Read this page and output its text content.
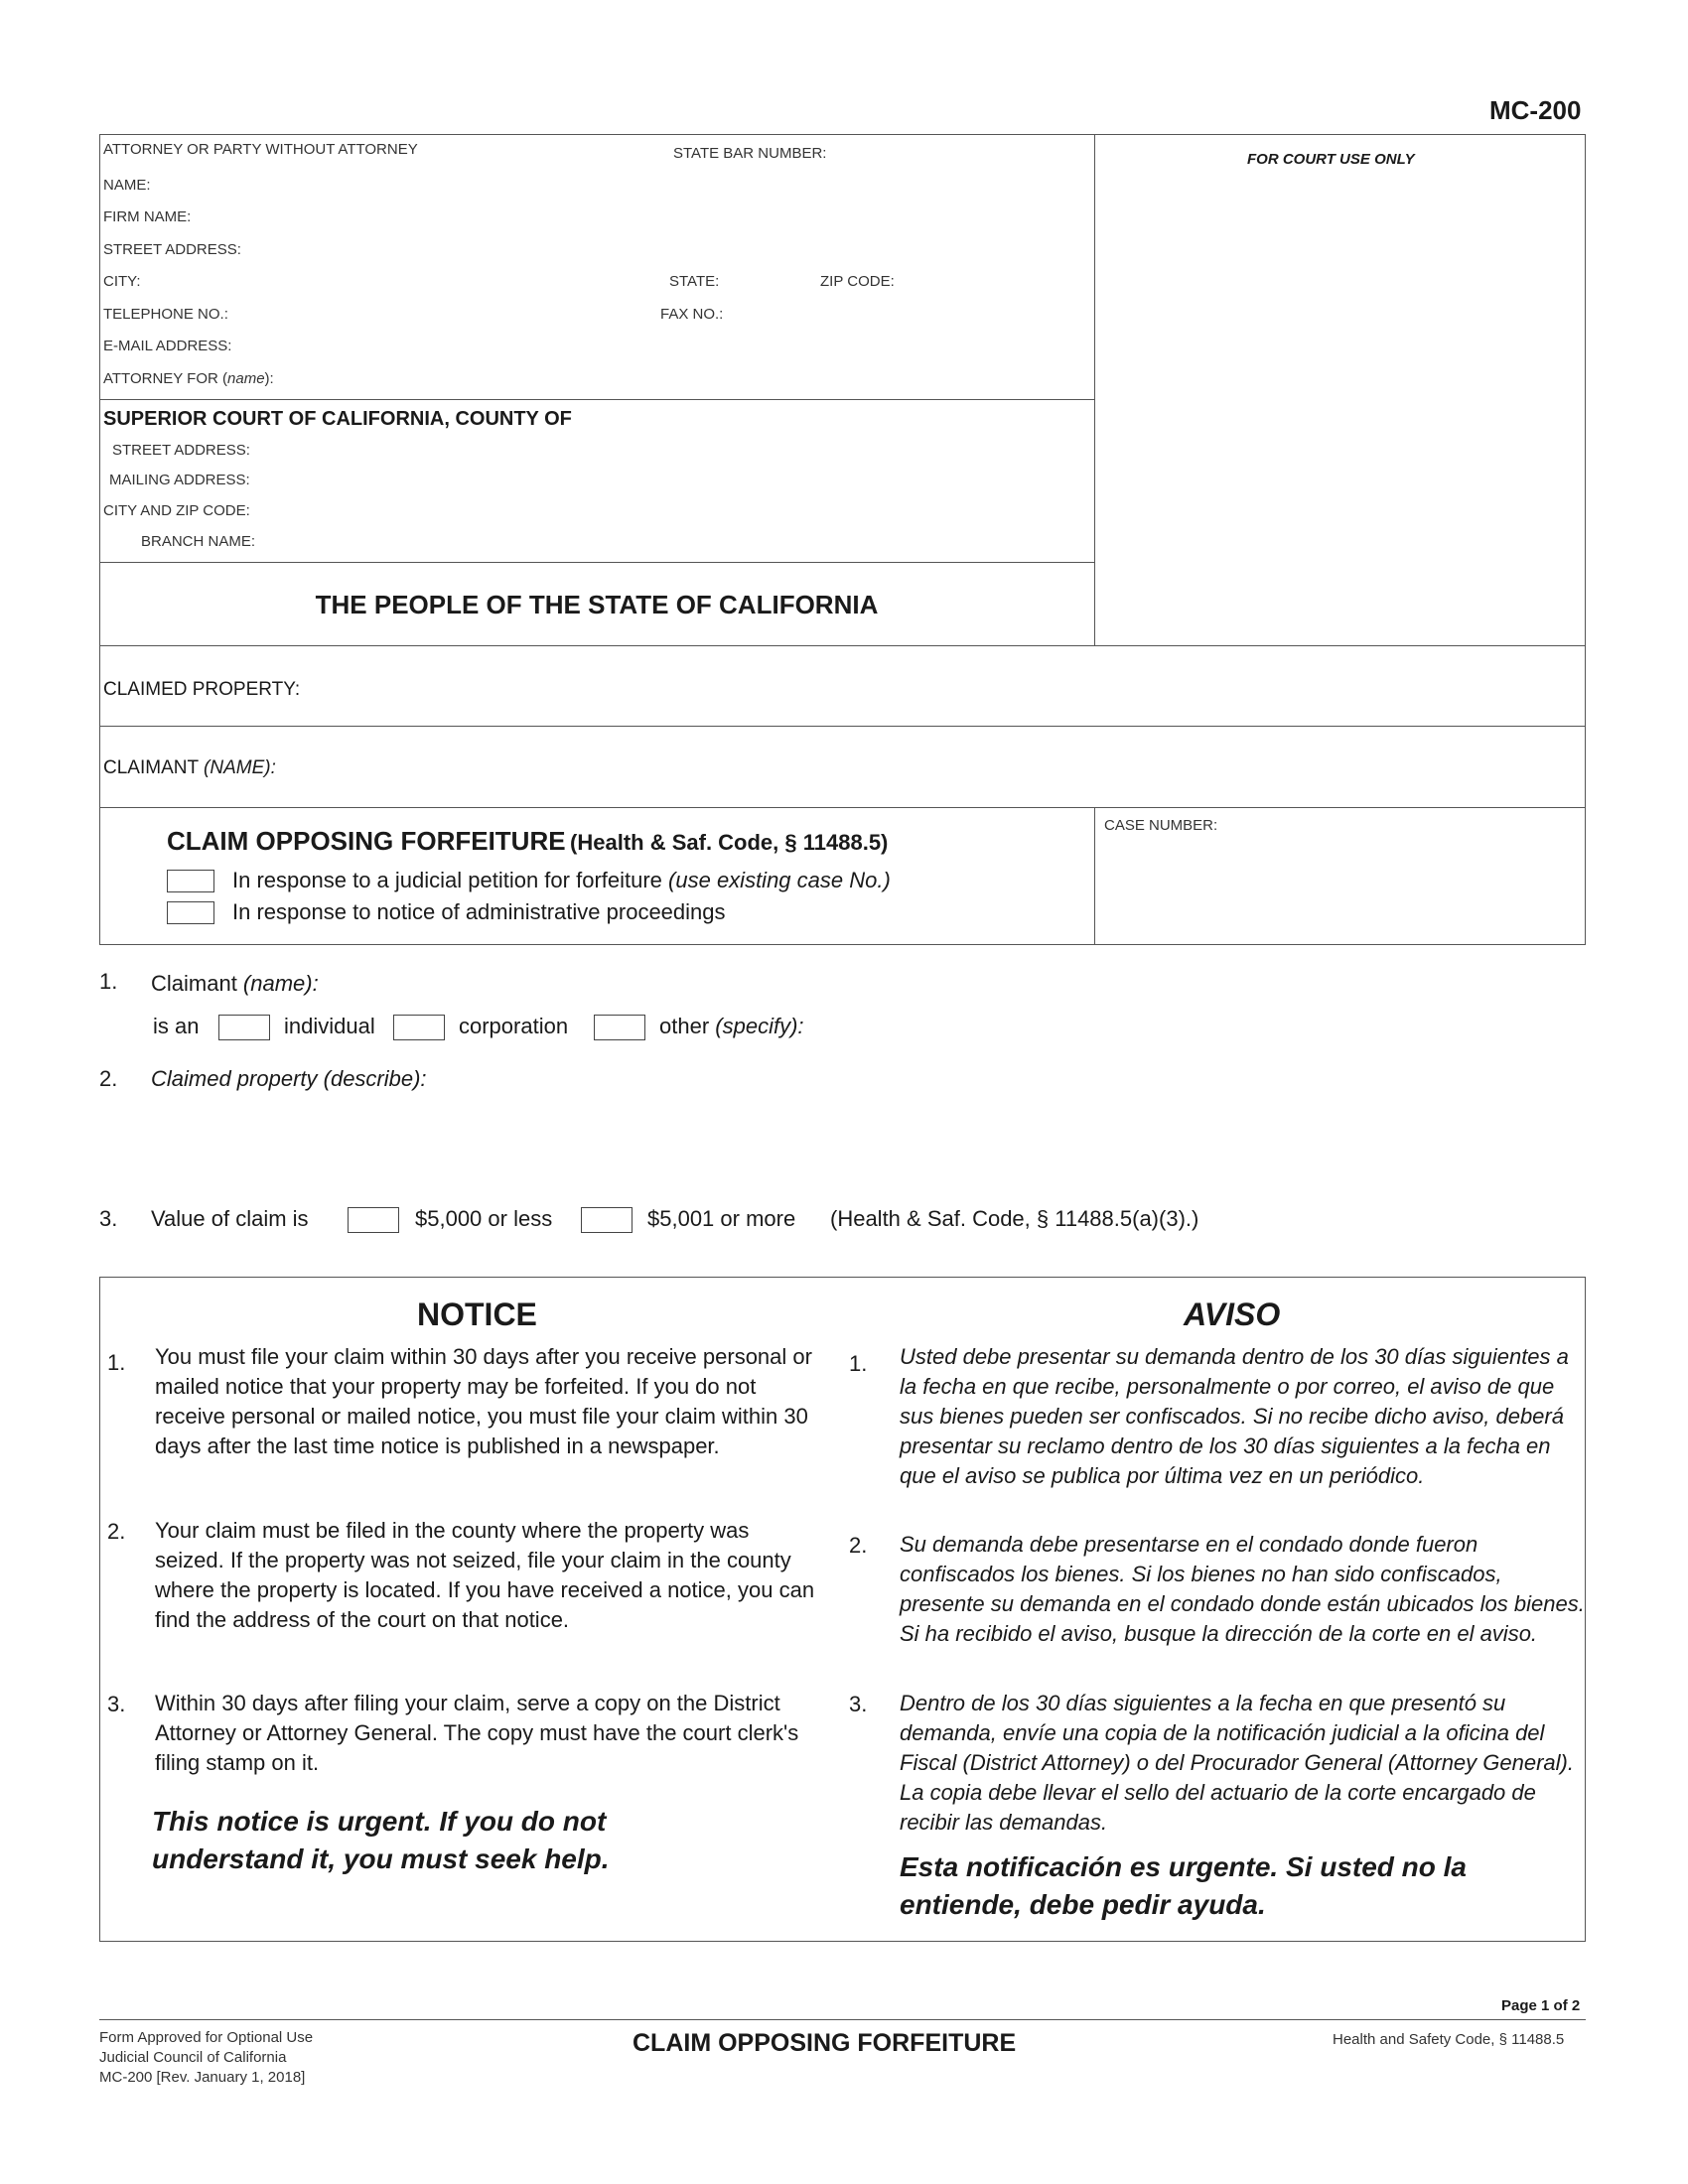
MC-200
ATTORNEY OR PARTY WITHOUT ATTORNEY	STATE BAR NUMBER:
NAME:
FIRM NAME:
STREET ADDRESS:
CITY:	STATE:	ZIP CODE:
TELEPHONE NO.:	FAX NO.:
E-MAIL ADDRESS:
ATTORNEY FOR (name):
FOR COURT USE ONLY
SUPERIOR COURT OF CALIFORNIA, COUNTY OF
STREET ADDRESS:
MAILING ADDRESS:
CITY AND ZIP CODE:
BRANCH NAME:
THE PEOPLE OF THE STATE OF CALIFORNIA
CLAIMED PROPERTY:
CLAIMANT (NAME):
CLAIM OPPOSING FORFEITURE (Health & Saf. Code, § 11488.5)
In response to a judicial petition for forfeiture (use existing case No.)
In response to notice of administrative proceedings
CASE NUMBER:
1. Claimant (name):
is an	individual	corporation	other (specify):
2. Claimed property (describe):
3. Value of claim is	$5,000 or less	$5,001 or more (Health & Saf. Code, § 11488.5(a)(3).)
NOTICE
1. You must file your claim within 30 days after you receive personal or mailed notice that your property may be forfeited. If you do not receive personal or mailed notice, you must file your claim within 30 days after the last time notice is published in a newspaper.
2. Your claim must be filed in the county where the property was seized. If the property was not seized, file your claim in the county where the property is located. If you have received a notice, you can find the address of the court on that notice.
3. Within 30 days after filing your claim, serve a copy on the District Attorney or Attorney General. The copy must have the court clerk's filing stamp on it.
This notice is urgent. If you do not understand it, you must seek help.
AVISO
1. Usted debe presentar su demanda dentro de los 30 días siguientes a la fecha en que recibe, personalmente o por correo, el aviso de que sus bienes pueden ser confiscados. Si no recibe dicho aviso, deberá presentar su reclamo dentro de los 30 días siguientes a la fecha en que el aviso se publica por última vez en un periódico.
2. Su demanda debe presentarse en el condado donde fueron confiscados los bienes. Si los bienes no han sido confiscados, presente su demanda en el condado donde están ubicados los bienes. Si ha recibido el aviso, busque la dirección de la corte en el aviso.
3. Dentro de los 30 días siguientes a la fecha en que presentó su demanda, envíe una copia de la notificación judicial a la oficina del Fiscal (District Attorney) o del Procurador General (Attorney General). La copia debe llevar el sello del actuario de la corte encargado de recibir las demandas.
Esta notificación es urgente. Si usted no la entiende, debe pedir ayuda.
Page 1 of 2
Form Approved for Optional Use
Judicial Council of California
MC-200 [Rev. January 1, 2018]
CLAIM OPPOSING FORFEITURE	Health and Safety Code, § 11488.5
